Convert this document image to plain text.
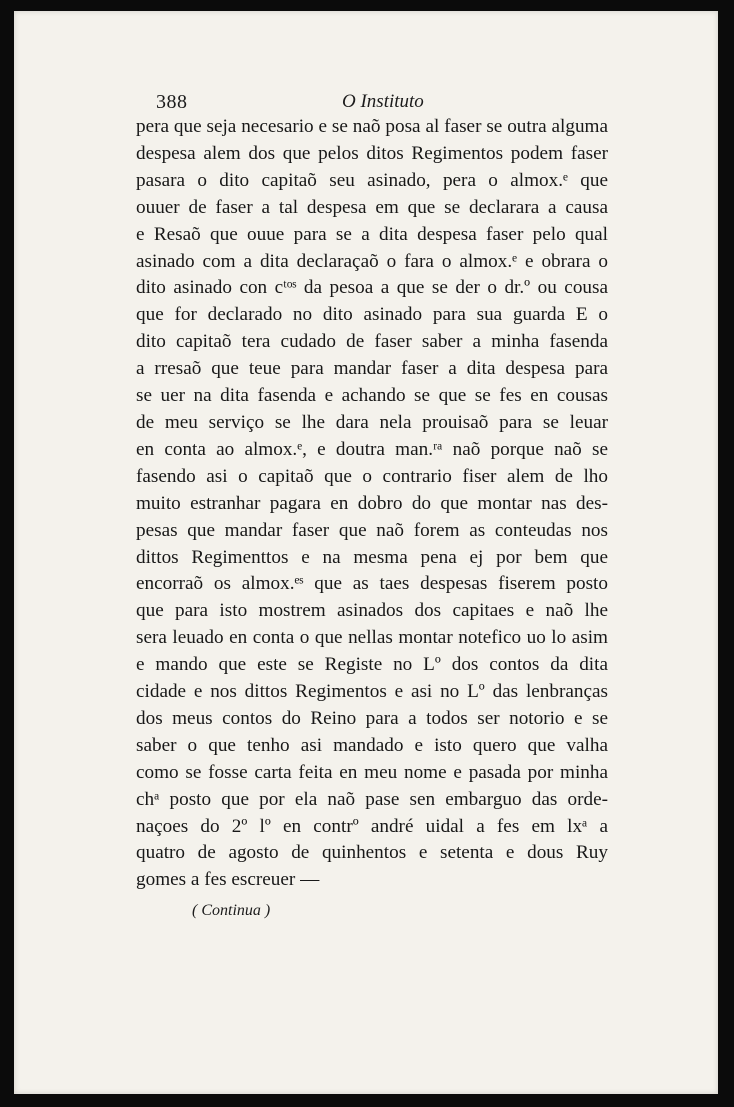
388	O Instituto
pera que seja necesario e se naõ posa al faser se outra alguma
despesa alem dos que pelos ditos Regimentos podem faser
pasara o dito capitaõ seu asinado, pera o almox.ᵉ que
ouuer de faser a tal despesa em que se declarara a causa
e Resaõ que ouue para se a dita despesa faser pelo qual
asinado com a dita declaraçaõ o fara o almox.ᵉ e obrara o
dito asinado con cᵗᵒˢ da pesoa a que se der o dr.º ou cousa
que for declarado no dito asinado para sua guarda E o
dito capitaõ tera cudado de faser saber a minha fasenda
a rresaõ que teue para mandar faser a dita despesa para
se uer na dita fasenda e achando se que se fes en cousas
de meu serviço se lhe dara nela prouisaõ para se leuar
en conta ao almox.ᵉ, e doutra man.ʳᵃ naõ porque naõ se
fasendo asi o capitaõ que o contrario fiser alem de lho
muito estranhar pagara en dobro do que montar nas des-
pesas que mandar faser que naõ forem as conteudas nos
dittos Regimenttos e na mesma pena ej por bem que
encorraõ os almox.ᵉˢ que as taes despesas fiserem posto
que para isto mostrem asinados dos capitaes e naõ lhe
sera leuado en conta o que nellas montar notefico uo lo asim
e mando que este se Registe no Lº dos contos da dita
cidade e nos dittos Regimentos e asi no Lº das lenbranças
dos meus contos do Reino para a todos ser notorio e se
saber o que tenho asi mandado e isto quero que valha
como se fosse carta feita en meu nome e pasada por minha
chᵃ posto que por ela naõ pase sen embarguo das orde-
naçoes do 2º lº en contrº andré uidal a fes em lxᵃ a
quatro de agosto de quinhentos e setenta e dous Ruy
gomes a fes escreuer —
( Continua )
